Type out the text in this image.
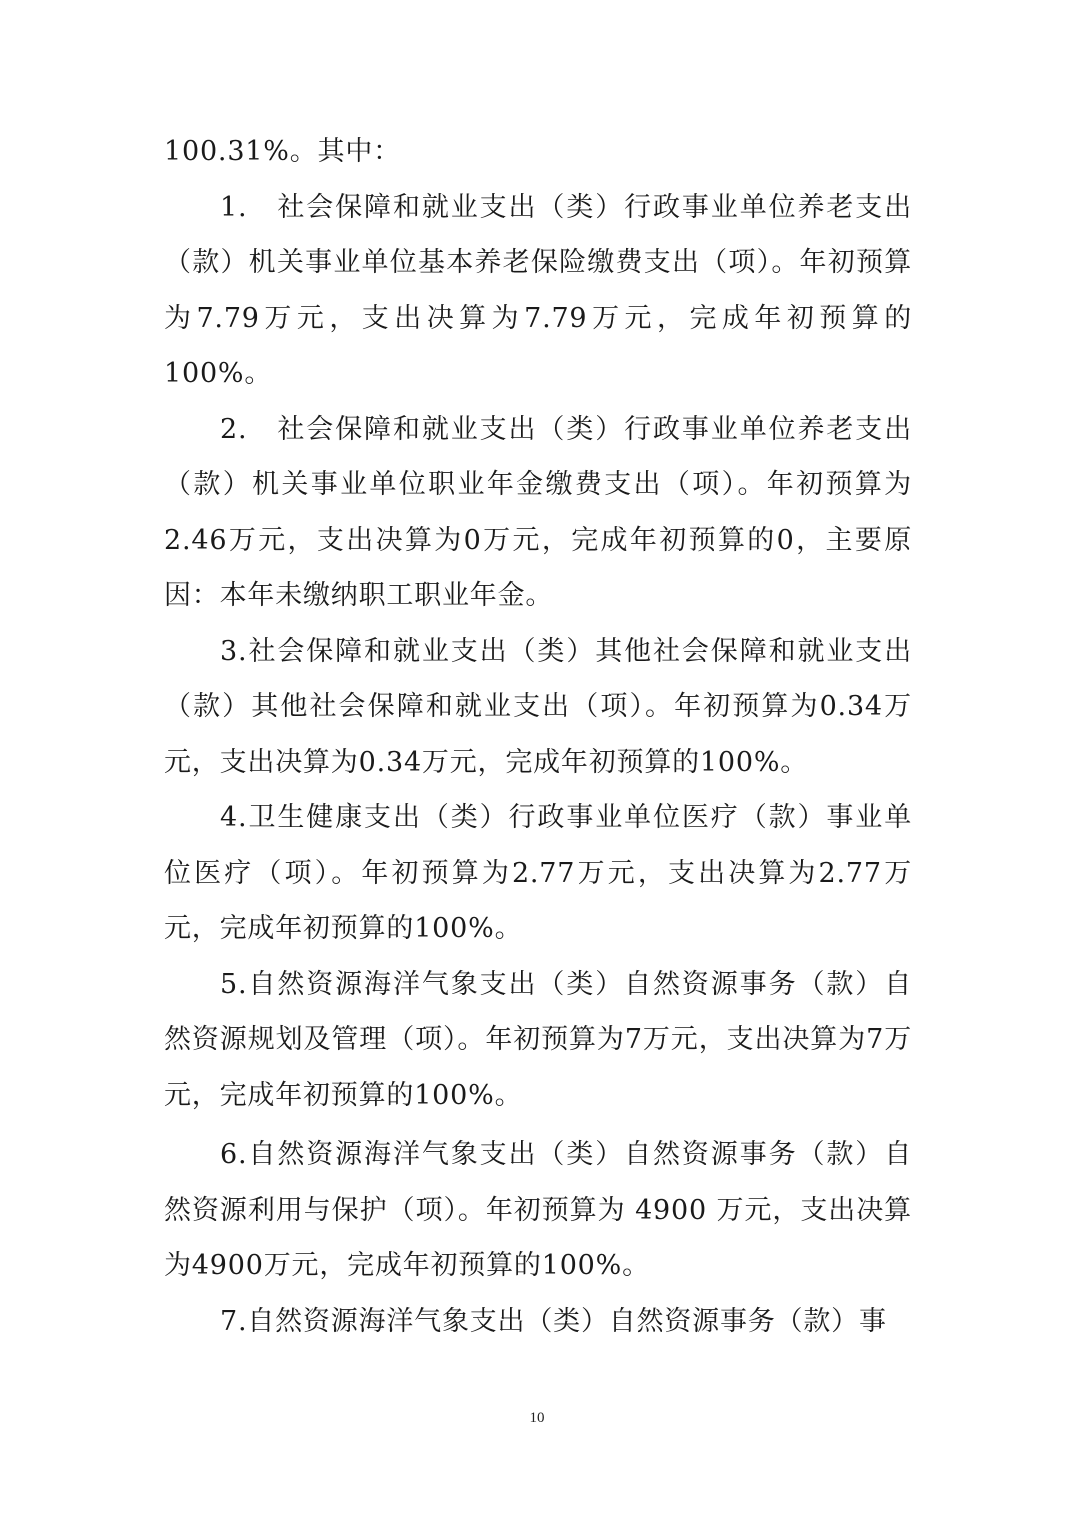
100.31%。其中：

1.　社会保障和就业支出（类）行政事业单位养老支出（款）机关事业单位基本养老保险缴费支出（项）。年初预算为7.79万元，支出决算为7.79万元，完成年初预算的100%。

2.　社会保障和就业支出（类）行政事业单位养老支出（款）机关事业单位职业年金缴费支出（项）。年初预算为2.46万元，支出决算为0万元，完成年初预算的0，主要原因：本年未缴纳职工职业年金。

3.社会保障和就业支出（类）其他社会保障和就业支出（款）其他社会保障和就业支出（项）。年初预算为0.34万元，支出决算为0.34万元，完成年初预算的100%。

4.卫生健康支出（类）行政事业单位医疗（款）事业单位医疗（项）。年初预算为2.77万元，支出决算为2.77万元，完成年初预算的100%。

5.自然资源海洋气象支出（类）自然资源事务（款）自然资源规划及管理（项）。年初预算为7万元，支出决算为7万元，完成年初预算的100%。

6.自然资源海洋气象支出（类）自然资源事务（款）自然资源利用与保护（项）。年初预算为 4900 万元，支出决算为4900万元，完成年初预算的100%。

7.自然资源海洋气象支出（类）自然资源事务（款）事

10
